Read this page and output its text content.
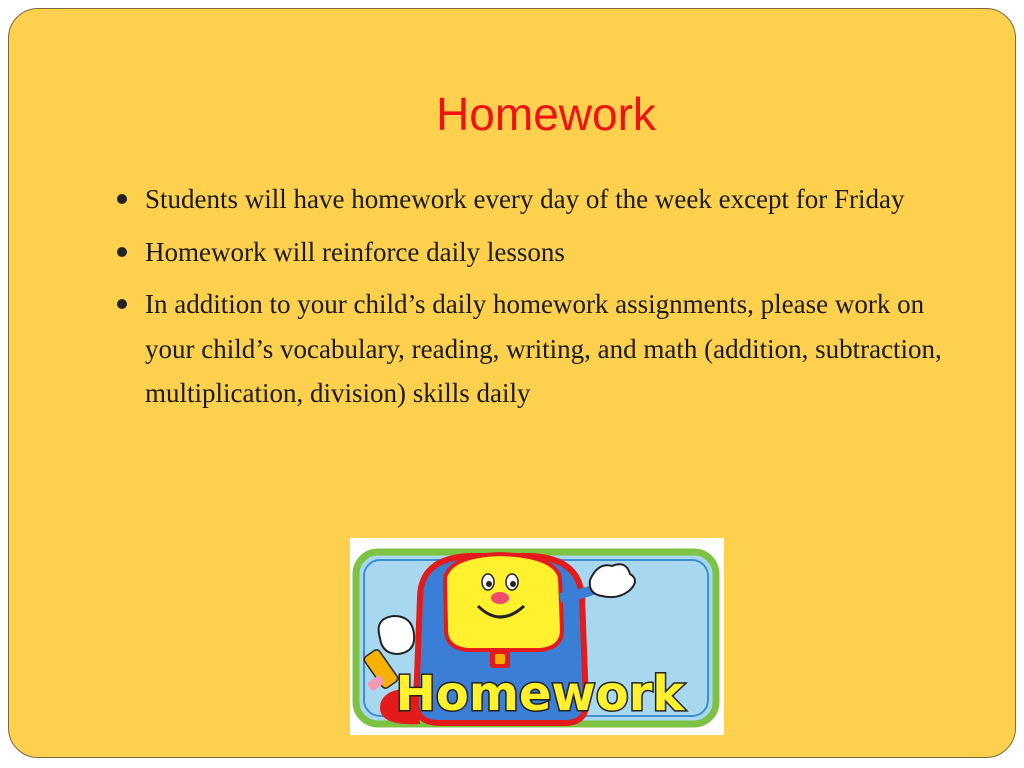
Homework
Students will have homework every day of the week except for Friday
Homework will reinforce daily lessons
In addition to your child’s daily homework assignments, please work on your child’s vocabulary, reading, writing, and math (addition, subtraction, multiplication, division) skills daily
Homework
